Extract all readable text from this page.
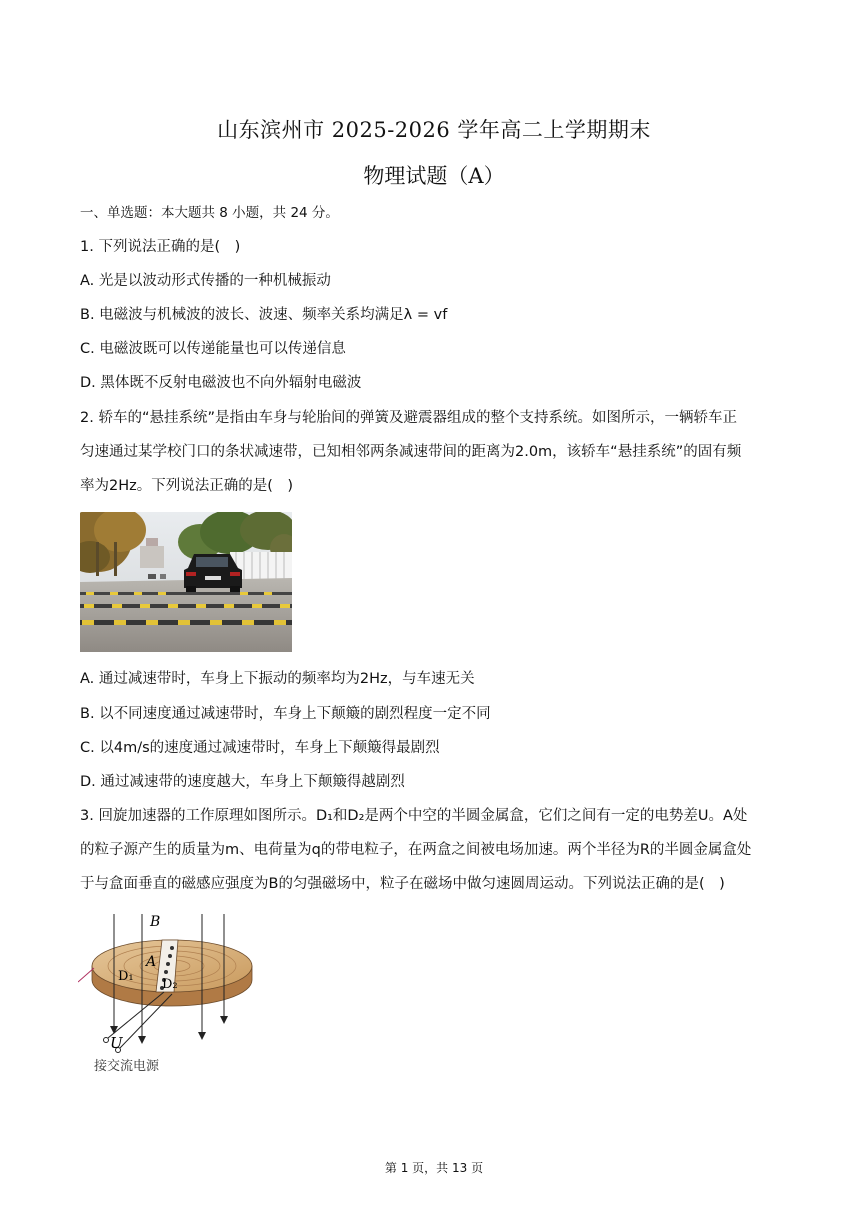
山东滨州市 2025-2026 学年高二上学期期末
物理试题（A）
一、单选题：本大题共 8 小题，共 24 分。
1. 下列说法正确的是(　)
A. 光是以波动形式传播的一种机械振动
B. 电磁波与机械波的波长、波速、频率关系均满足λ = vf
C. 电磁波既可以传递能量也可以传递信息
D. 黑体既不反射电磁波也不向外辐射电磁波
2. 轿车的“悬挂系统”是指由车身与轮胎间的弹簧及避震器组成的整个支持系统。如图所示，一辆轿车正
匀速通过某学校门口的条状减速带，已知相邻两条减速带间的距离为2.0m，该轿车“悬挂系统”的固有频
率为2Hz。下列说法正确的是(　)
A. 通过减速带时，车身上下振动的频率均为2Hz，与车速无关
B. 以不同速度通过减速带时，车身上下颠簸的剧烈程度一定不同
C. 以4m/s的速度通过减速带时，车身上下颠簸得最剧烈
D. 通过减速带的速度越大，车身上下颠簸得越剧烈
3. 回旋加速器的工作原理如图所示。D₁和D₂是两个中空的半圆金属盒，它们之间有一定的电势差U。A处
的粒子源产生的质量为m、电荷量为q的带电粒子，在两盒之间被电场加速。两个半径为R的半圆金属盒处
于与盒面垂直的磁感应强度为B的匀强磁场中，粒子在磁场中做匀速圆周运动。下列说法正确的是(　)
B
A
D₁
D₂
U
接交流电源
第 1 页，共 13 页
